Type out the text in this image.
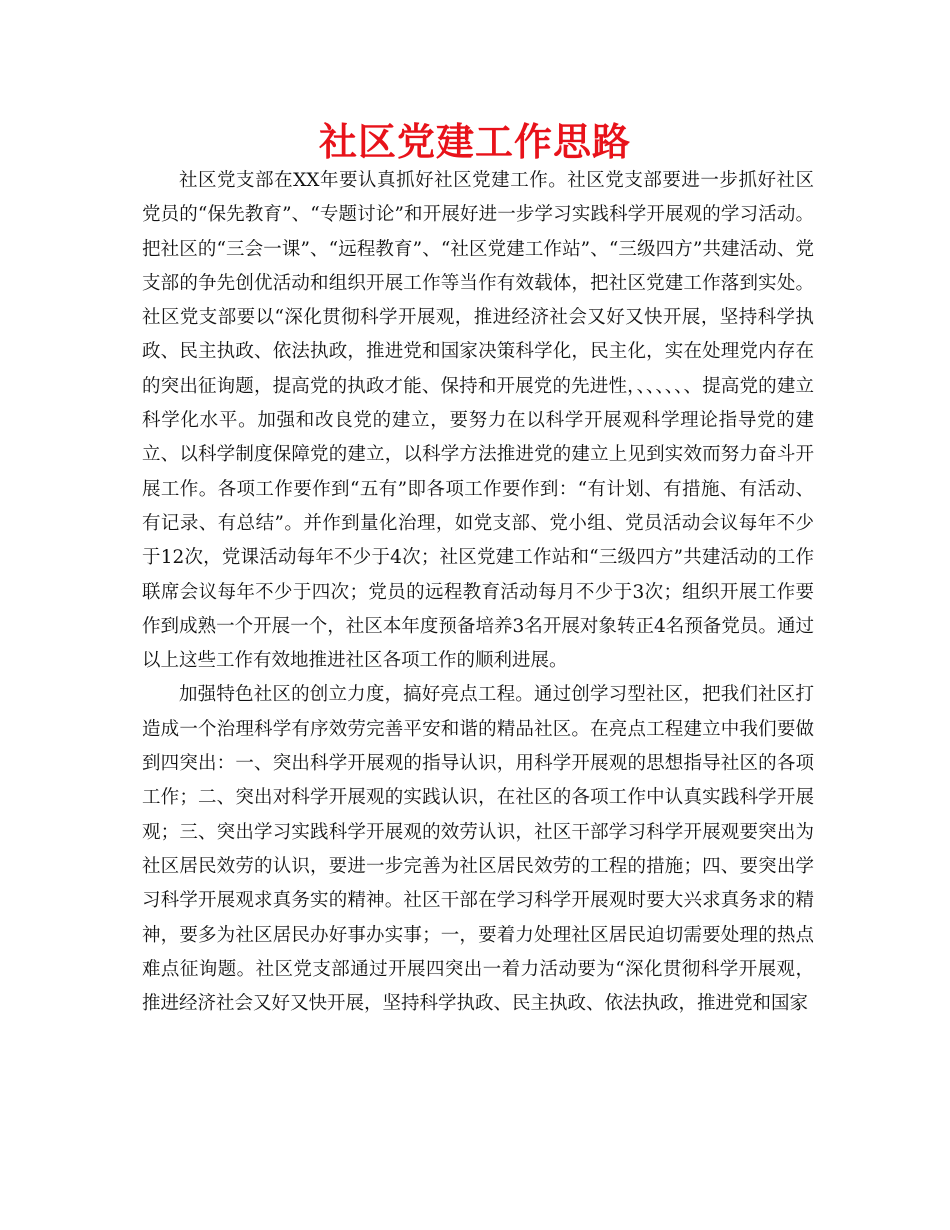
社区党建工作思路

社区党支部在XX年要认真抓好社区党建工作。社区党支部要进一步抓好社区党员的“保先教育”、“专题讨论”和开展好进一步学习实践科学开展观的学习活动。把社区的“三会一课”、“远程教育”、“社区党建工作站”、“三级四方”共建活动、党支部的争先创优活动和组织开展工作等当作有效载体，把社区党建工作落到实处。社区党支部要以“深化贯彻科学开展观，推进经济社会又好又快开展，坚持科学执政、民主执政、依法执政，推进党和国家决策科学化，民主化，实在处理党内存在的突出征询题，提高党的执政才能、保持和开展党的先进性，、、、、、、提高党的建立科学化水平。加强和改良党的建立，要努力在以科学开展观科学理论指导党的建立、以科学制度保障党的建立，以科学方法推进党的建立上见到实效而努力奋斗开展工作。各项工作要作到“五有”即各项工作要作到：“有计划、有措施、有活动、有记录、有总结”。并作到量化治理，如党支部、党小组、党员活动会议每年不少于12次，党课活动每年不少于4次；社区党建工作站和“三级四方”共建活动的工作联席会议每年不少于四次；党员的远程教育活动每月不少于3次；组织开展工作要作到成熟一个开展一个，社区本年度预备培养3名开展对象转正4名预备党员。通过以上这些工作有效地推进社区各项工作的顺利进展。

加强特色社区的创立力度，搞好亮点工程。通过创学习型社区，把我们社区打造成一个治理科学有序效劳完善平安和谐的精品社区。在亮点工程建立中我们要做到四突出：一、突出科学开展观的指导认识，用科学开展观的思想指导社区的各项工作；二、突出对科学开展观的实践认识，在社区的各项工作中认真实践科学开展观；三、突出学习实践科学开展观的效劳认识，社区干部学习科学开展观要突出为社区居民效劳的认识，要进一步完善为社区居民效劳的工程的措施；四、要突出学习科学开展观求真务实的精神。社区干部在学习科学开展观时要大兴求真务求的精神，要多为社区居民办好事办实事；一，要着力处理社区居民迫切需要处理的热点难点征询题。社区党支部通过开展四突出一着力活动要为“深化贯彻科学开展观，推进经济社会又好又快开展，坚持科学执政、民主执政、依法执政，推进党和国家
